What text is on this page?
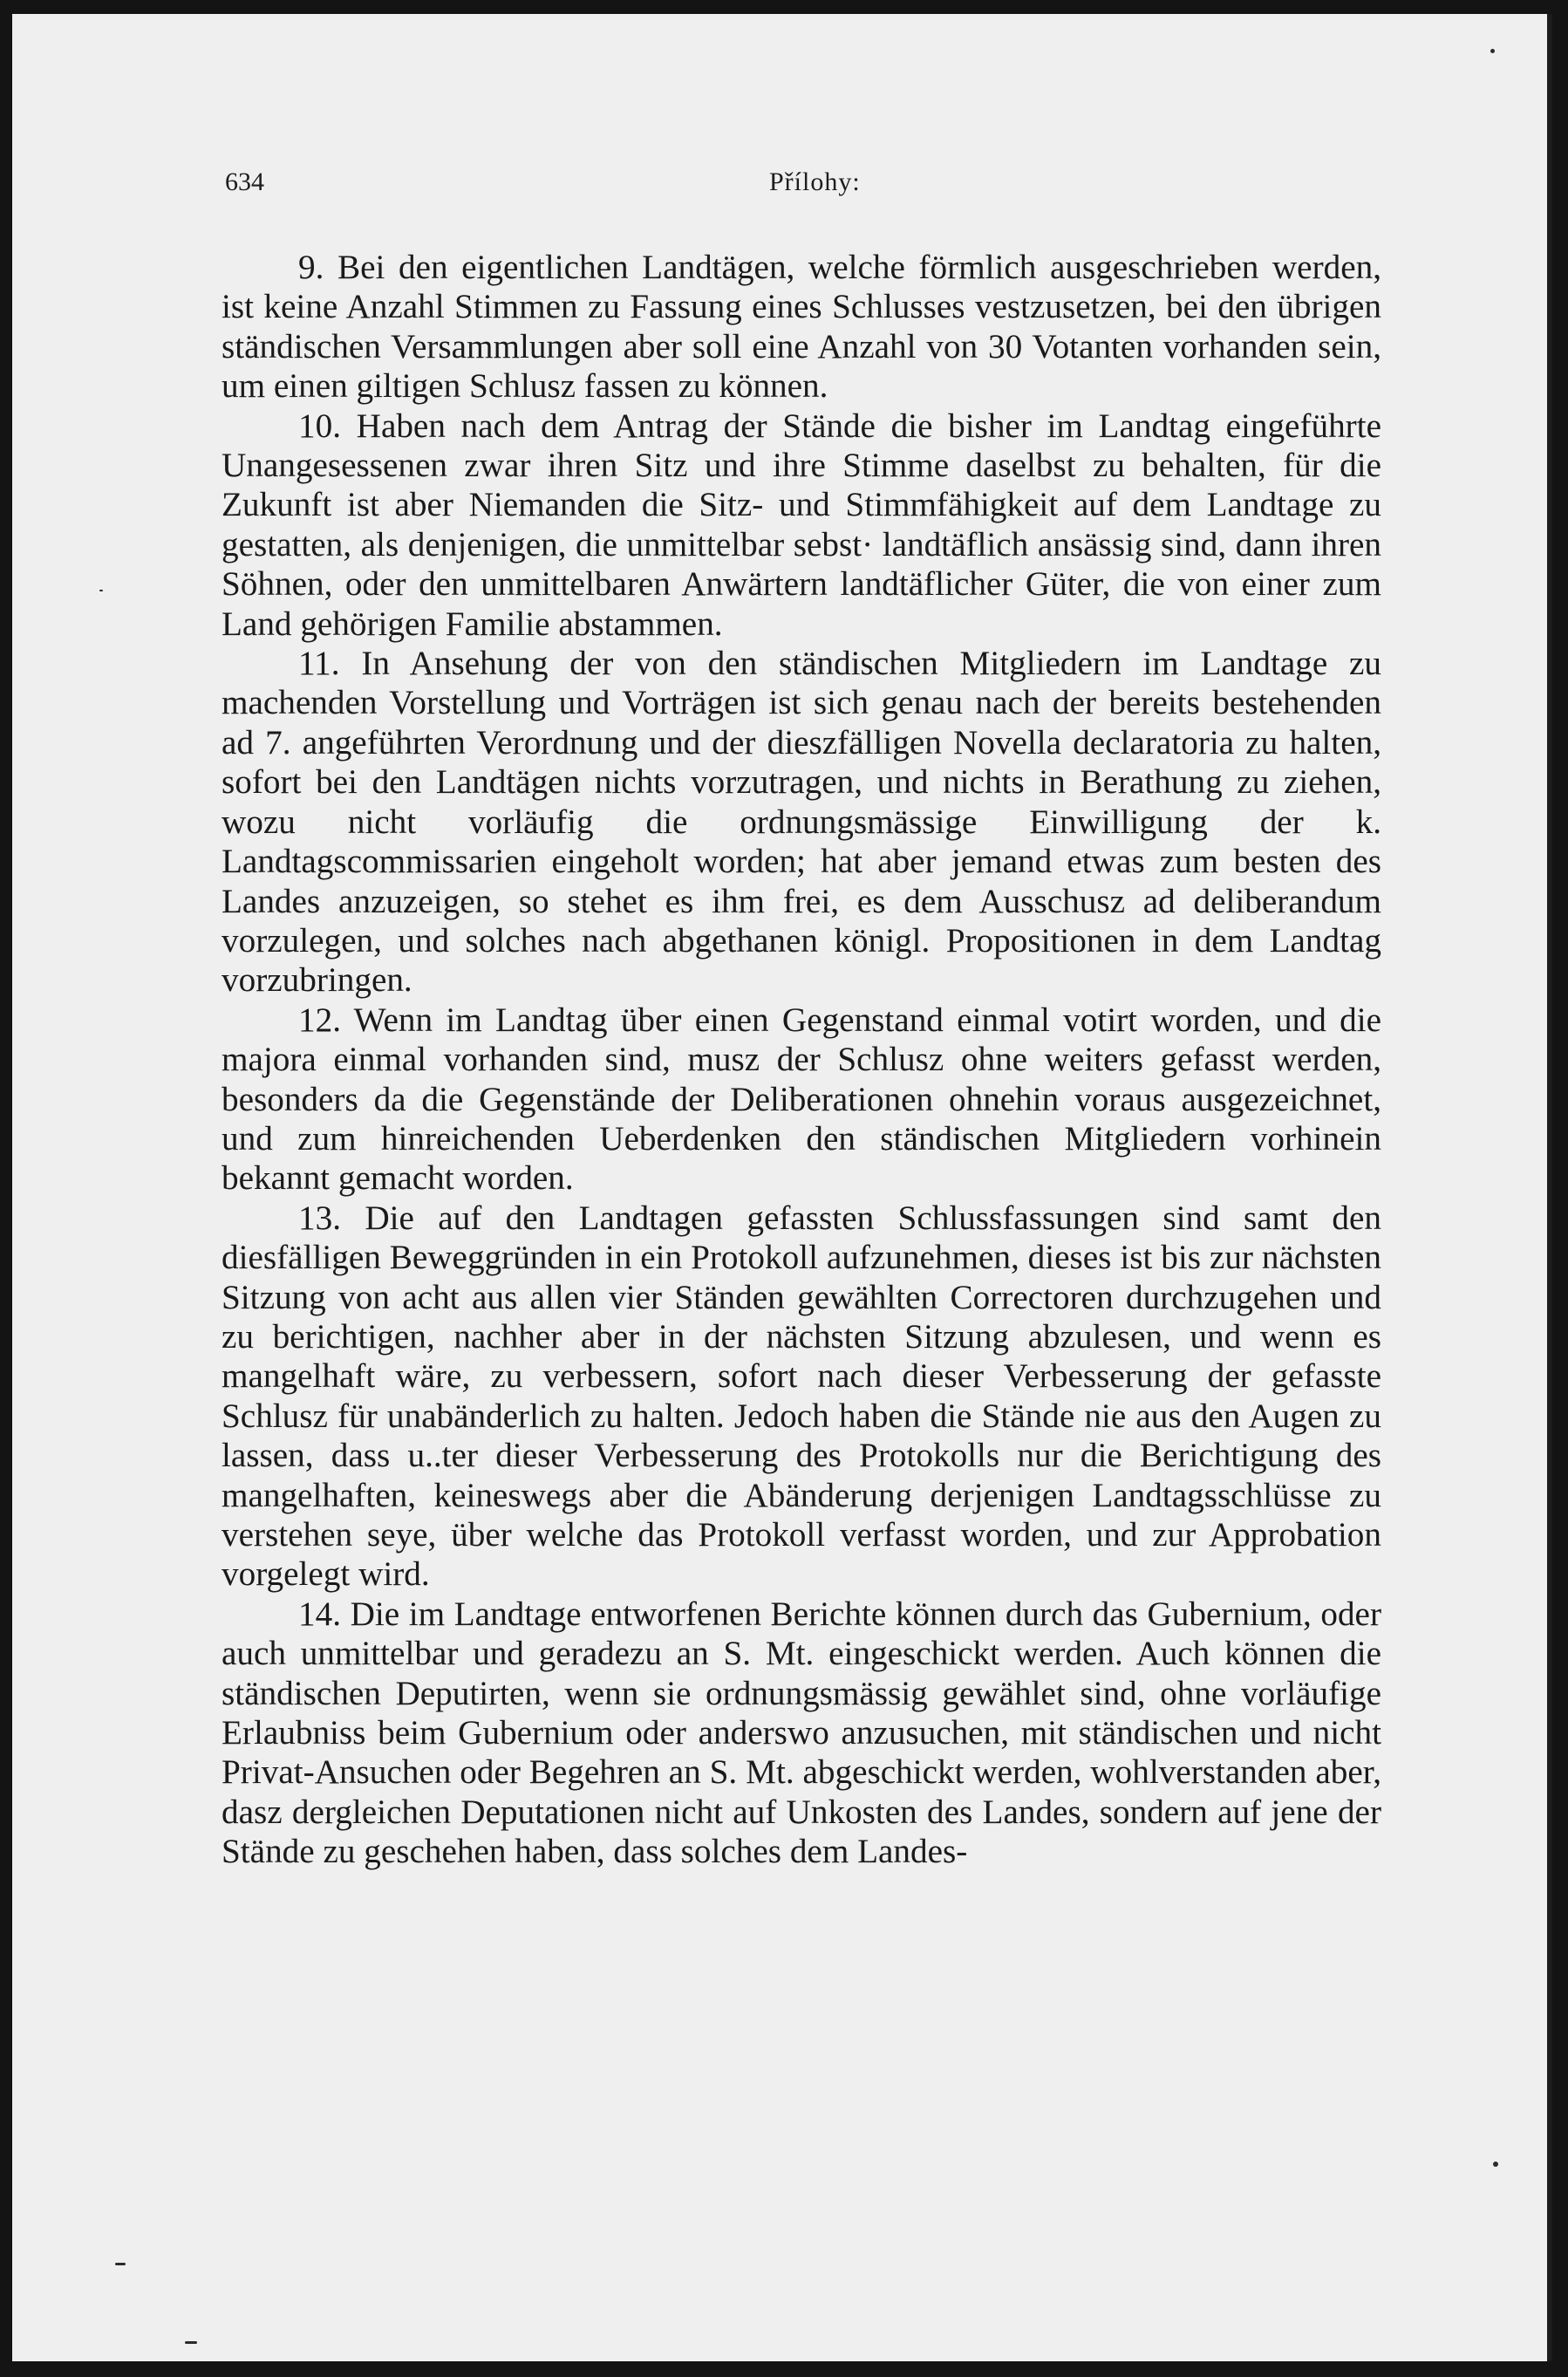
634	Přílohy:

9. Bei den eigentlichen Landtägen, welche förmlich ausgeschrieben werden, ist keine Anzahl Stimmen zu Fassung eines Schlusses vestzusetzen, bei den übrigen ständischen Versammlungen aber soll eine Anzahl von 30 Votanten vorhanden sein, um einen giltigen Schlusz fassen zu können.

10. Haben nach dem Antrag der Stände die bisher im Landtag eingeführte Unangesessenen zwar ihren Sitz und ihre Stimme daselbst zu behalten, für die Zukunft ist aber Niemanden die Sitz- und Stimmfähigkeit auf dem Landtage zu gestatten, als denjenigen, die unmittelbar sebst· landtäflich ansässig sind, dann ihren Söhnen, oder den unmittelbaren Anwärtern landtäflicher Güter, die von einer zum Land gehörigen Familie abstammen.

11. In Ansehung der von den ständischen Mitgliedern im Landtage zu machenden Vorstellung und Vorträgen ist sich genau nach der bereits bestehenden ad 7. angeführten Verordnung und der dieszfälligen Novella declaratoria zu halten, sofort bei den Landtägen nichts vorzutragen, und nichts in Berathung zu ziehen, wozu nicht vorläufig die ordnungsmässige Einwilligung der k. Landtagscommissarien eingeholt worden; hat aber jemand etwas zum besten des Landes anzuzeigen, so stehet es ihm frei, es dem Ausschusz ad deliberandum vorzulegen, und solches nach abgethanen königl. Propositionen in dem Landtag vorzubringen.

12. Wenn im Landtag über einen Gegenstand einmal votirt worden, und die majora einmal vorhanden sind, musz der Schlusz ohne weiters gefasst werden, besonders da die Gegenstände der Deliberationen ohnehin voraus ausgezeichnet, und zum hinreichenden Ueberdenken den ständischen Mitgliedern vorhinein bekannt gemacht worden.

13. Die auf den Landtagen gefassten Schlussfassungen sind samt den diesfälligen Beweggründen in ein Protokoll aufzunehmen, dieses ist bis zur nächsten Sitzung von acht aus allen vier Ständen gewählten Correctoren durchzugehen und zu berichtigen, nachher aber in der nächsten Sitzung abzulesen, und wenn es mangelhaft wäre, zu verbessern, sofort nach dieser Verbesserung der gefasste Schlusz für unabänderlich zu halten. Jedoch haben die Stände nie aus den Augen zu lassen, dass u..ter dieser Verbesserung des Protokolls nur die Berichtigung des mangelhaften, keineswegs aber die Abänderung derjenigen Landtagsschlüsse zu verstehen seye, über welche das Protokoll verfasst worden, und zur Approbation vorgelegt wird.

14. Die im Landtage entworfenen Berichte können durch das Gubernium, oder auch unmittelbar und geradezu an S. Mt. eingeschickt werden. Auch können die ständischen Deputirten, wenn sie ordnungsmässig gewählet sind, ohne vorläufige Erlaubniss beim Gubernium oder anderswo anzusuchen, mit ständischen und nicht Privat-Ansuchen oder Begehren an S. Mt. abgeschickt werden, wohlverstanden aber, dasz dergleichen Deputationen nicht auf Unkosten des Landes, sondern auf jene der Stände zu geschehen haben, dass solches dem Landes-
